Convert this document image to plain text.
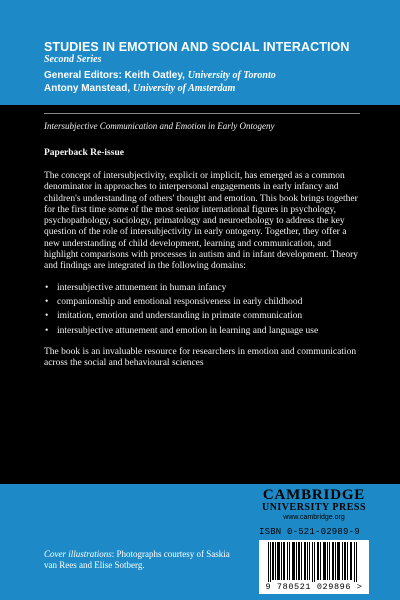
STUDIES IN EMOTION AND SOCIAL INTERACTION
Second Series
General Editors: Keith Oatley, University of Toronto
Antony Manstead, University of Amsterdam
Intersubjective Communication and Emotion in Early Ontogeny
Paperback Re-issue

The concept of intersubjectivity, explicit or implicit, has emerged as a common denominator in approaches to interpersonal engagements in early infancy and children's understanding of others' thought and emotion. This book brings together for the first time some of the most senior international figures in psychology, psychopathology, sociology, primatology and neuroethology to address the key question of the role of intersubjectivity in early ontogeny. Together, they offer a new understanding of child development, learning and communication, and highlight comparisons with processes in autism and in infant development. Theory and findings are integrated in the following domains:

• intersubjective attunement in human infancy
• companionship and emotional responsiveness in early childhood
• imitation, emotion and understanding in primate communication
• intersubjective attunement and emotion in learning and language use

The book is an invaluable resource for researchers in emotion and communication across the social and behavioural sciences

CAMBRIDGE
UNIVERSITY PRESS
www.cambridge.org
ISBN 0-521-02989-9
9 780521 029896 >
Cover illustrations: Photographs courtesy of Saskia van Rees and Elise Sotberg.
